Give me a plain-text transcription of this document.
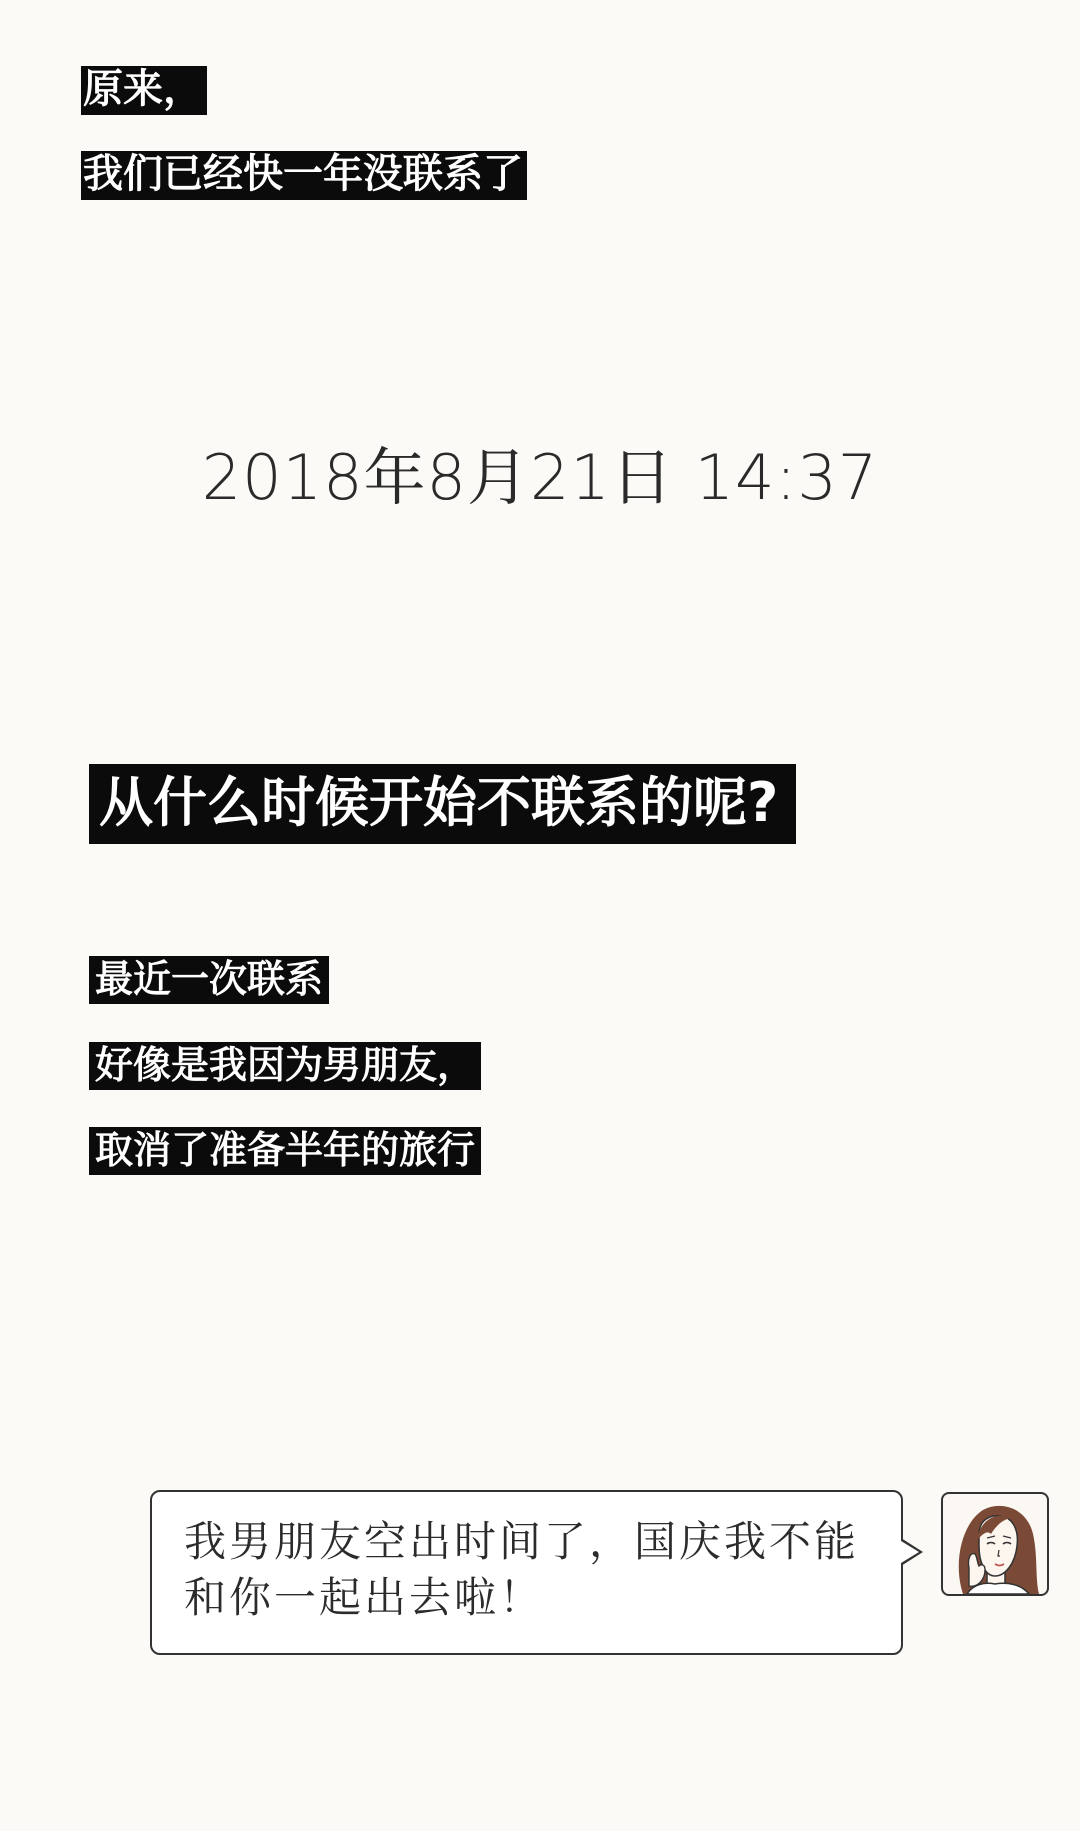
原来，
我们已经快一年没联系了
2018年8月21日 14:37
从什么时候开始不联系的呢?
最近一次联系
好像是我因为男朋友，
取消了准备半年的旅行
我男朋友空出时间了，国庆我不能
和你一起出去啦！
